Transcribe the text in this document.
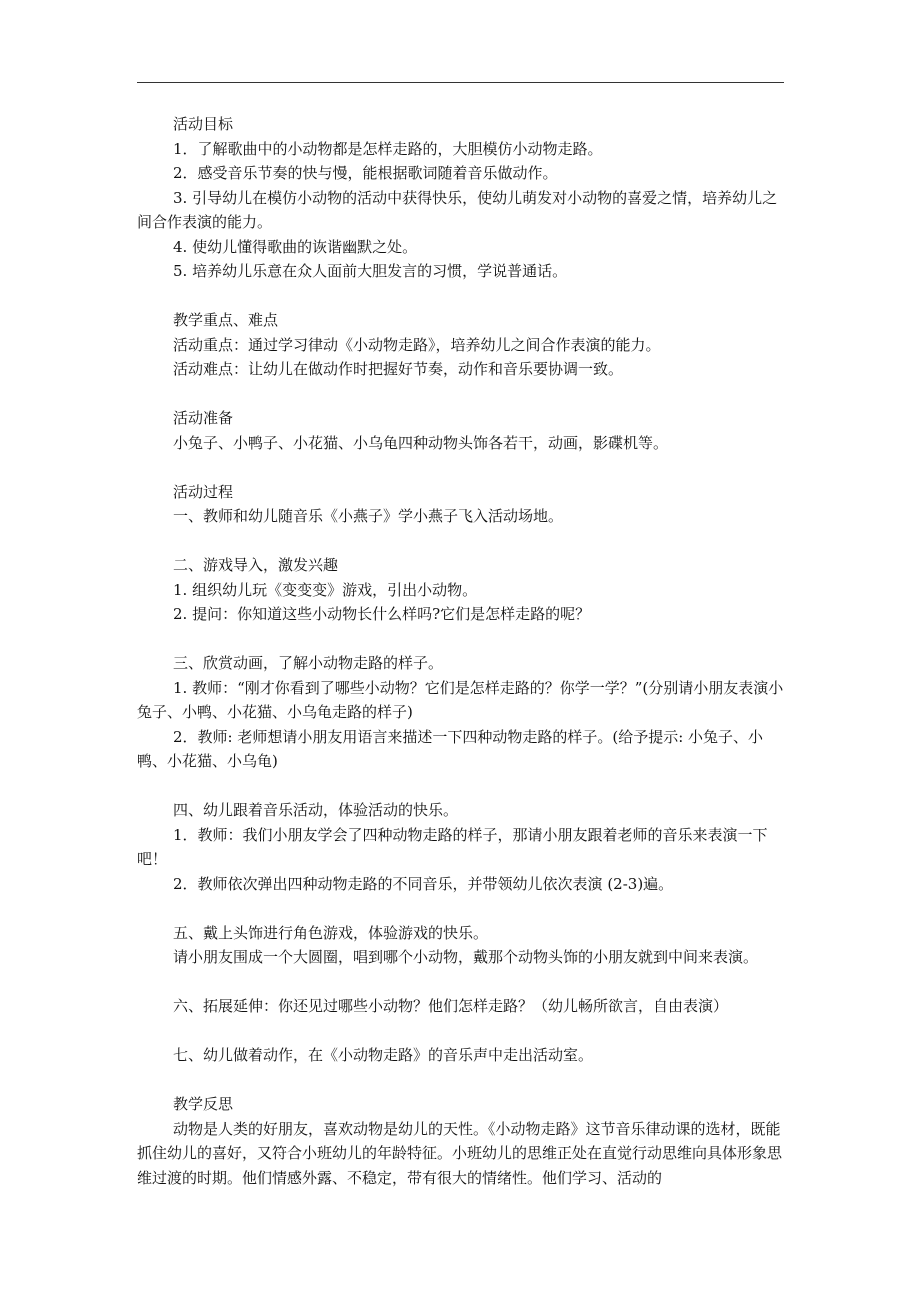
活动目标

1．了解歌曲中的小动物都是怎样走路的，大胆模仿小动物走路。

2．感受音乐节奏的快与慢，能根据歌词随着音乐做动作。

3. 引导幼儿在模仿小动物的活动中获得快乐，使幼儿萌发对小动物的喜爱之情，培养幼儿之间合作表演的能力。

4. 使幼儿懂得歌曲的诙谐幽默之处。

5. 培养幼儿乐意在众人面前大胆发言的习惯，学说普通话。

教学重点、难点

活动重点：通过学习律动《小动物走路》，培养幼儿之间合作表演的能力。

活动难点：让幼儿在做动作时把握好节奏，动作和音乐要协调一致。

活动准备

小兔子、小鸭子、小花猫、小乌龟四种动物头饰各若干，动画，影碟机等。

活动过程

一、教师和幼儿随音乐《小燕子》学小燕子飞入活动场地。

二、游戏导入，激发兴趣

1. 组织幼儿玩《变变变》游戏，引出小动物。

2. 提问：你知道这些小动物长什么样吗?它们是怎样走路的呢？

三、欣赏动画，了解小动物走路的样子。

1. 教师：“刚才你看到了哪些小动物？它们是怎样走路的？你学一学？”(分别请小朋友表演小兔子、小鸭、小花猫、小乌龟走路的样子)

2．教师: 老师想请小朋友用语言来描述一下四种动物走路的样子。(给予提示: 小兔子、小鸭、小花猫、小乌龟)

四、幼儿跟着音乐活动，体验活动的快乐。

1．教师：我们小朋友学会了四种动物走路的样子，那请小朋友跟着老师的音乐来表演一下吧！

2．教师依次弹出四种动物走路的不同音乐，并带领幼儿依次表演 (2-3)遍。

五、戴上头饰进行角色游戏，体验游戏的快乐。

请小朋友围成一个大圆圈，唱到哪个小动物，戴那个动物头饰的小朋友就到中间来表演。

六、拓展延伸：你还见过哪些小动物？他们怎样走路？（幼儿畅所欲言，自由表演）

七、幼儿做着动作，在《小动物走路》的音乐声中走出活动室。

教学反思

动物是人类的好朋友，喜欢动物是幼儿的天性。《小动物走路》这节音乐律动课的选材，既能抓住幼儿的喜好，又符合小班幼儿的年龄特征。小班幼儿的思维正处在直觉行动思维向具体形象思维过渡的时期。他们情感外露、不稳定，带有很大的情绪性。他们学习、活动的
